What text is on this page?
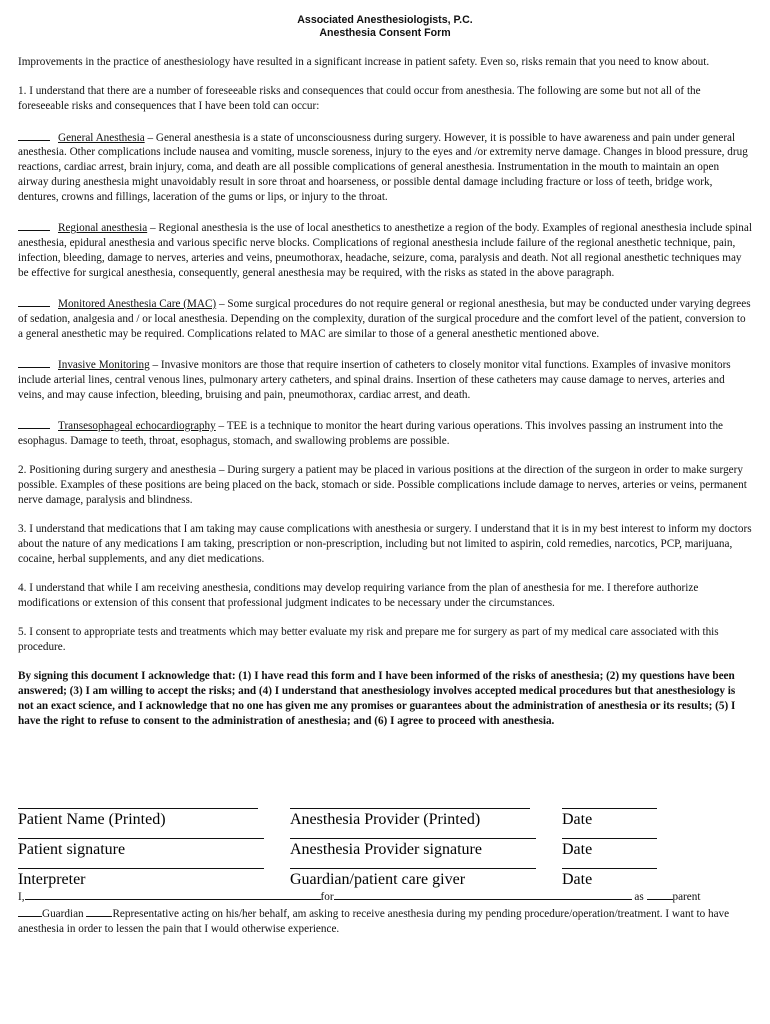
Associated Anesthesiologists, P.C.
Anesthesia Consent Form

Improvements in the practice of anesthesiology have resulted in a significant increase in patient safety. Even so, risks remain that you need to know about.

1. I understand that there are a number of foreseeable risks and consequences that could occur from anesthesia. The following are some but not all of the foreseeable risks and consequences that I have been told can occur:

General Anesthesia – General anesthesia is a state of unconsciousness during surgery. However, it is possible to have awareness and pain under general anesthesia. Other complications include nausea and vomiting, muscle soreness, injury to the eyes and /or extremity nerve damage. Changes in blood pressure, drug reactions, cardiac arrest, brain injury, coma, and death are all possible complications of general anesthesia. Instrumentation in the mouth to maintain an open airway during anesthesia might unavoidably result in sore throat and hoarseness, or possible dental damage including fracture or loss of teeth, bridge work, dentures, crowns and fillings, laceration of the gums or lips, or injury to the throat.

Regional anesthesia – Regional anesthesia is the use of local anesthetics to anesthetize a region of the body. Examples of regional anesthesia include spinal anesthesia, epidural anesthesia and various specific nerve blocks. Complications of regional anesthesia include failure of the regional anesthetic technique, pain, infection, bleeding, damage to nerves, arteries and veins, pneumothorax, headache, seizure, coma, paralysis and death. Not all regional anesthetic techniques may be effective for surgical anesthesia, consequently, general anesthesia may be required, with the risks as stated in the above paragraph.

Monitored Anesthesia Care (MAC) – Some surgical procedures do not require general or regional anesthesia, but may be conducted under varying degrees of sedation, analgesia and / or local anesthesia. Depending on the complexity, duration of the surgical procedure and the comfort level of the patient, conversion to a general anesthetic may be required. Complications related to MAC are similar to those of a general anesthetic mentioned above.

Invasive Monitoring – Invasive monitors are those that require insertion of catheters to closely monitor vital functions. Examples of invasive monitors include arterial lines, central venous lines, pulmonary artery catheters, and spinal drains. Insertion of these catheters may cause damage to nerves, arteries and veins, and may cause infection, bleeding, bruising and pain, pneumothorax, cardiac arrest, and death.

Transesophageal echocardiography – TEE is a technique to monitor the heart during various operations. This involves passing an instrument into the esophagus. Damage to teeth, throat, esophagus, stomach, and swallowing problems are possible.

2. Positioning during surgery and anesthesia – During surgery a patient may be placed in various positions at the direction of the surgeon in order to make surgery possible. Examples of these positions are being placed on the back, stomach or side. Possible complications include damage to nerves, arteries or veins, permanent nerve damage, paralysis and blindness.

3. I understand that medications that I am taking may cause complications with anesthesia or surgery. I understand that it is in my best interest to inform my doctors about the nature of any medications I am taking, prescription or non-prescription, including but not limited to aspirin, cold remedies, narcotics, PCP, marijuana, cocaine, herbal supplements, and any diet medications.

4. I understand that while I am receiving anesthesia, conditions may develop requiring variance from the plan of anesthesia for me. I therefore authorize modifications or extension of this consent that professional judgment indicates to be necessary under the circumstances.

5. I consent to appropriate tests and treatments which may better evaluate my risk and prepare me for surgery as part of my medical care associated with this procedure.

By signing this document I acknowledge that: (1) I have read this form and I have been informed of the risks of anesthesia; (2) my questions have been answered; (3) I am willing to accept the risks; and (4) I understand that anesthesiology involves accepted medical procedures but that anesthesiology is not an exact science, and I acknowledge that no one has given me any promises or guarantees about the administration of anesthesia or its results; (5) I have the right to refuse to consent to the administration of anesthesia; and (6) I agree to proceed with anesthesia.

Patient Name (Printed)	Anesthesia Provider (Printed)	Date
Patient signature	Anesthesia Provider signature	Date
Interpreter	Guardian/patient care giver	Date
I,	for	as parent
Guardian Representative acting on his/her behalf, am asking to receive anesthesia during my pending procedure/operation/treatment. I want to have anesthesia in order to lessen the pain that I would otherwise experience.
